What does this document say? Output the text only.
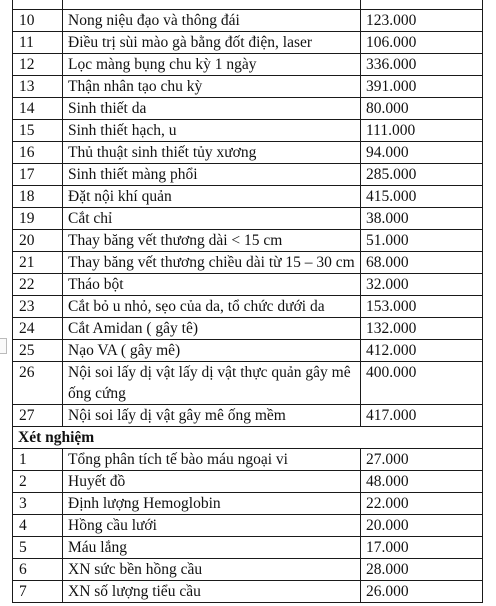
10	Nong niệu đạo và thông đái	123.000
11	Điều trị sùi mào gà bằng đốt điện, laser	106.000
12	Lọc màng bụng chu kỳ 1 ngày	336.000
13	Thận nhân tạo chu kỳ	391.000
14	Sinh thiết da	80.000
15	Sinh thiết hạch, u	111.000
16	Thủ thuật sinh thiết tủy xương	94.000
17	Sinh thiết màng phổi	285.000
18	Đặt nội khí quản	415.000
19	Cắt chỉ	38.000
20	Thay băng vết thương dài < 15 cm	51.000
21	Thay băng vết thương chiều dài từ 15 – 30 cm	68.000
22	Tháo bột	32.000
23	Cắt bỏ u nhỏ, sẹo của da, tổ chức dưới da	153.000
24	Cắt Amidan ( gây tê)	132.000
25	Nạo VA ( gây mê)	412.000
26	Nội soi lấy dị vật lấy dị vật thực quản gây mê ống cứng	400.000
27	Nội soi lấy dị vật gây mê ống mềm	417.000
Xét nghiệm		
1	Tổng phân tích tế bào máu ngoại vi	27.000
2	Huyết đồ	48.000
3	Định lượng Hemoglobin	22.000
4	Hồng cầu lưới	20.000
5	Máu lắng	17.000
6	XN sức bền hồng cầu	28.000
7	XN số lượng tiểu cầu	26.000
